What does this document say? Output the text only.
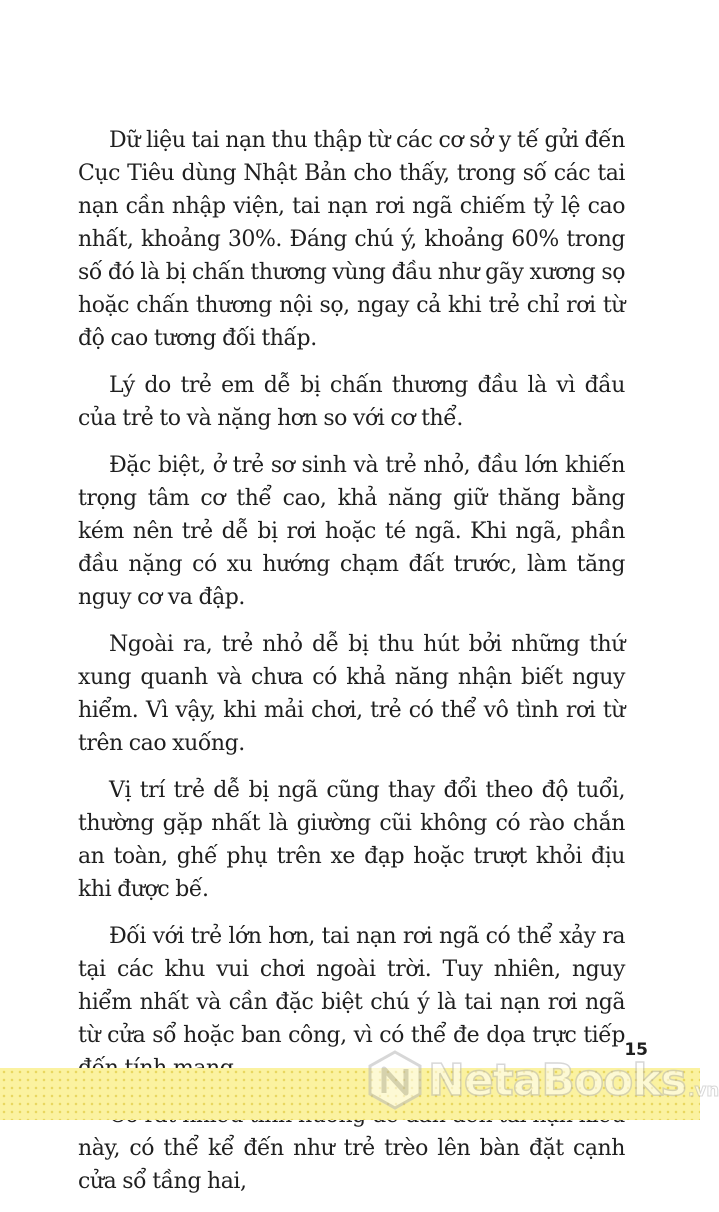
Dữ liệu tai nạn thu thập từ các cơ sở y tế gửi đến Cục Tiêu dùng Nhật Bản cho thấy, trong số các tai nạn cần nhập viện, tai nạn rơi ngã chiếm tỷ lệ cao nhất, khoảng 30%. Đáng chú ý, khoảng 60% trong số đó là bị chấn thương vùng đầu như gãy xương sọ hoặc chấn thương nội sọ, ngay cả khi trẻ chỉ rơi từ độ cao tương đối thấp.

Lý do trẻ em dễ bị chấn thương đầu là vì đầu của trẻ to và nặng hơn so với cơ thể.

Đặc biệt, ở trẻ sơ sinh và trẻ nhỏ, đầu lớn khiến trọng tâm cơ thể cao, khả năng giữ thăng bằng kém nên trẻ dễ bị rơi hoặc té ngã. Khi ngã, phần đầu nặng có xu hướng chạm đất trước, làm tăng nguy cơ va đập.

Ngoài ra, trẻ nhỏ dễ bị thu hút bởi những thứ xung quanh và chưa có khả năng nhận biết nguy hiểm. Vì vậy, khi mải chơi, trẻ có thể vô tình rơi từ trên cao xuống.

Vị trí trẻ dễ bị ngã cũng thay đổi theo độ tuổi, thường gặp nhất là giường cũi không có rào chắn an toàn, ghế phụ trên xe đạp hoặc trượt khỏi địu khi được bế.

Đối với trẻ lớn hơn, tai nạn rơi ngã có thể xảy ra tại các khu vui chơi ngoài trời. Tuy nhiên, nguy hiểm nhất và cần đặc biệt chú ý là tai nạn rơi ngã từ cửa sổ hoặc ban công, vì có thể đe dọa trực tiếp

này, có thể kể đến như trẻ trèo lên bàn đặt cạnh cửa sổ tầng hai,

15
NetaBooks .vn
